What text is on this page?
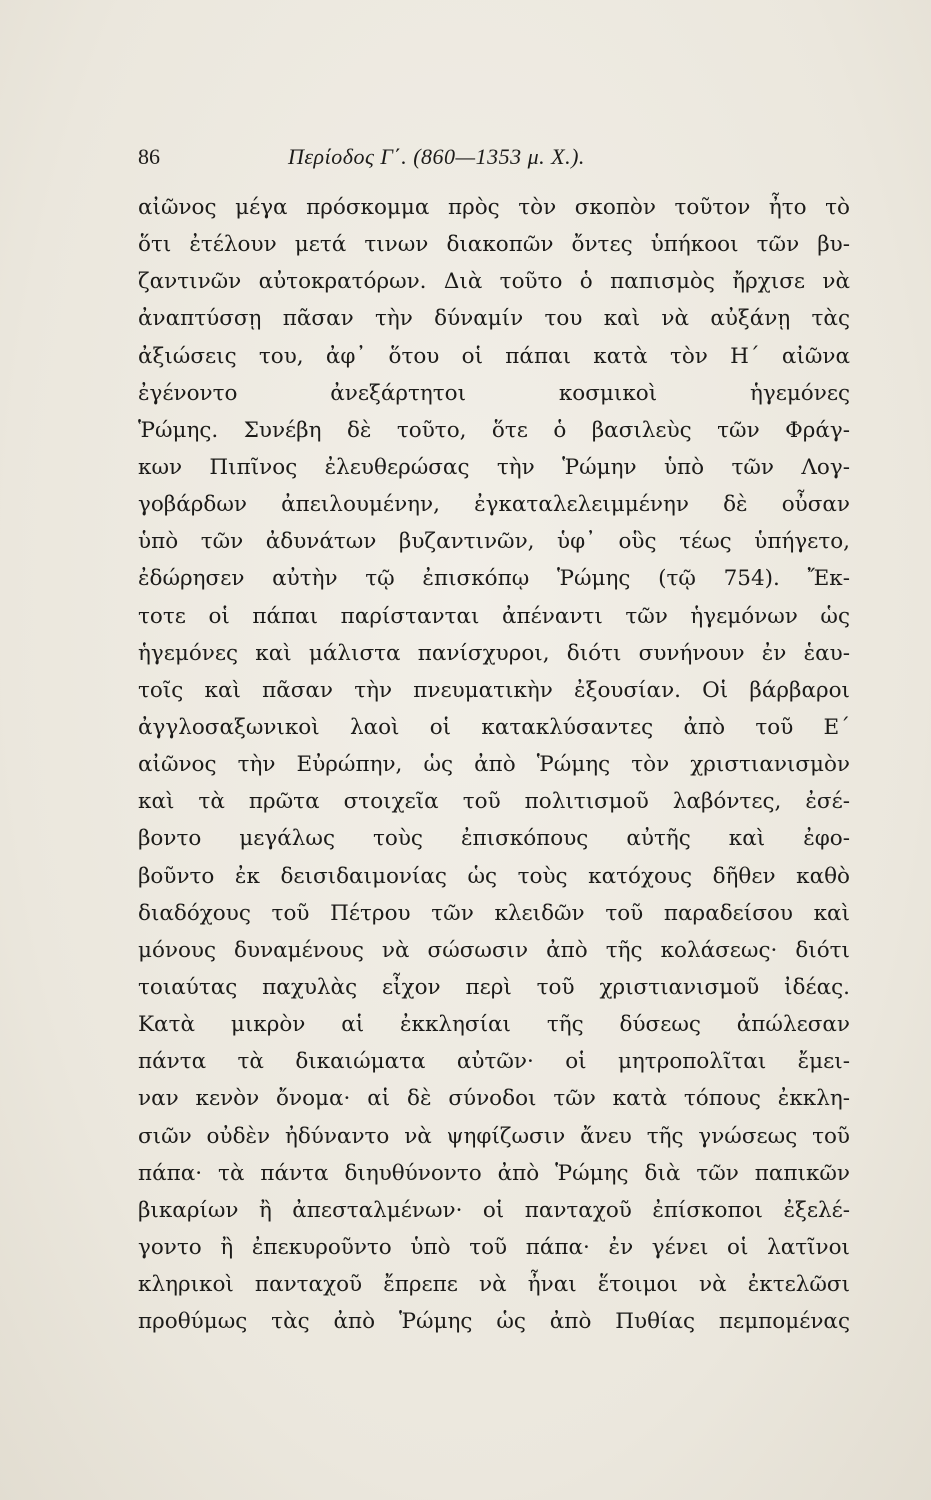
86	Περίοδος Γ΄. (860—1353 μ. Χ.).
αἰῶνος μέγα πρόσκομμα πρὸς τὸν σκοπὸν τοῦτον ἦτο τὸ
ὅτι ἐτέλουν μετά τινων διακοπῶν ὄντες ὑπήκοοι τῶν βυ-
ζαντινῶν αὐτοκρατόρων. Διὰ τοῦτο ὁ παπισμὸς ἤρχισε νὰ
ἀναπτύσσῃ πᾶσαν τὴν δύναμίν του καὶ νὰ αὐξάνῃ τὰς
ἀξιώσεις του, ἀφ᾽ ὅτου οἱ πάπαι κατὰ τὸν Η΄ αἰῶνα
ἐγένοντο ἀνεξάρτητοι κοσμικοὶ ἡγεμόνες
Ῥώμης. Συνέβη δὲ τοῦτο, ὅτε ὁ βασιλεὺς τῶν Φράγ-
κων Πιπῖνος ἐλευθερώσας τὴν Ῥώμην ὑπὸ τῶν Λογ-
γοβάρδων ἀπειλουμένην, ἐγκαταλελειμμένην δὲ οὖσαν
ὑπὸ τῶν ἀδυνάτων βυζαντινῶν, ὑφ᾽ οὓς τέως ὑπήγετο,
ἐδώρησεν αὐτὴν τῷ ἐπισκόπῳ Ῥώμης (τῷ 754). Ἔκ-
τοτε οἱ πάπαι παρίστανται ἀπέναντι τῶν ἡγεμόνων ὡς
ἡγεμόνες καὶ μάλιστα πανίσχυροι, διότι συνήνουν ἐν ἑαυ-
τοῖς καὶ πᾶσαν τὴν πνευματικὴν ἐξουσίαν. Οἱ βάρβαροι
ἀγγλοσαξωνικοὶ λαοὶ οἱ κατακλύσαντες ἀπὸ τοῦ Ε΄
αἰῶνος τὴν Εὐρώπην, ὡς ἀπὸ Ῥώμης τὸν χριστιανισμὸν
καὶ τὰ πρῶτα στοιχεῖα τοῦ πολιτισμοῦ λαβόντες, ἐσέ-
βοντο μεγάλως τοὺς ἐπισκόπους αὐτῆς καὶ ἐφο-
βοῦντο ἐκ δεισιδαιμονίας ὡς τοὺς κατόχους δῆθεν καθὸ
διαδόχους τοῦ Πέτρου τῶν κλειδῶν τοῦ παραδείσου καὶ
μόνους δυναμένους νὰ σώσωσιν ἀπὸ τῆς κολάσεως· διότι
τοιαύτας παχυλὰς εἶχον περὶ τοῦ χριστιανισμοῦ ἰδέας.
Κατὰ μικρὸν αἱ ἐκκλησίαι τῆς δύσεως ἀπώλεσαν
πάντα τὰ δικαιώματα αὐτῶν· οἱ μητροπολῖται ἔμει-
ναν κενὸν ὄνομα· αἱ δὲ σύνοδοι τῶν κατὰ τόπους ἐκκλη-
σιῶν οὐδὲν ἠδύναντο νὰ ψηφίζωσιν ἄνευ τῆς γνώσεως τοῦ
πάπα· τὰ πάντα διηυθύνοντο ἀπὸ Ῥώμης διὰ τῶν παπικῶν
βικαρίων ἢ ἀπεσταλμένων· οἱ πανταχοῦ ἐπίσκοποι ἐξελέ-
γοντο ἢ ἐπεκυροῦντο ὑπὸ τοῦ πάπα· ἐν γένει οἱ λατῖνοι
κληρικοὶ πανταχοῦ ἔπρεπε νὰ ἦναι ἕτοιμοι νὰ ἐκτελῶσι
προθύμως τὰς ἀπὸ Ῥώμης ὡς ἀπὸ Πυθίας πεμπομένας
